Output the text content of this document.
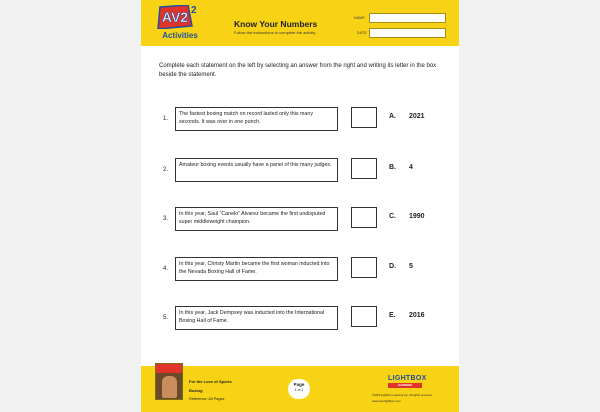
AV2 2
Activities
Know Your Numbers
Follow the instructions to complete the activity.
NAME
DATE
Complete each statement on the left by selecting an answer from the right and writing its letter in the box beside the statement.
1.
The fastest boxing match on record lasted only this many seconds. It was over in one punch.
A. 2021
2.
Amateur boxing events usually have a panel of this many judges.	B. 4
3.
In this year, Saul “Canelo” Alvarez became the first undisputed super middleweight champion.
C. 1990
4.
In this year, Christy Martin became the first woman inducted into the Nevada Boxing Hall of Fame.
D. 5
5.
In this year, Jack Dempsey was inducted into the International Boxing Hall of Fame.
E. 2016
For the Love of Sports
Boxing
Reference: All Pages
Page
1 of 1
LIGHTBOX
LEARNING
©2023 Lightbox Learning Inc. All rights reserved.
www.openlightbox.com
